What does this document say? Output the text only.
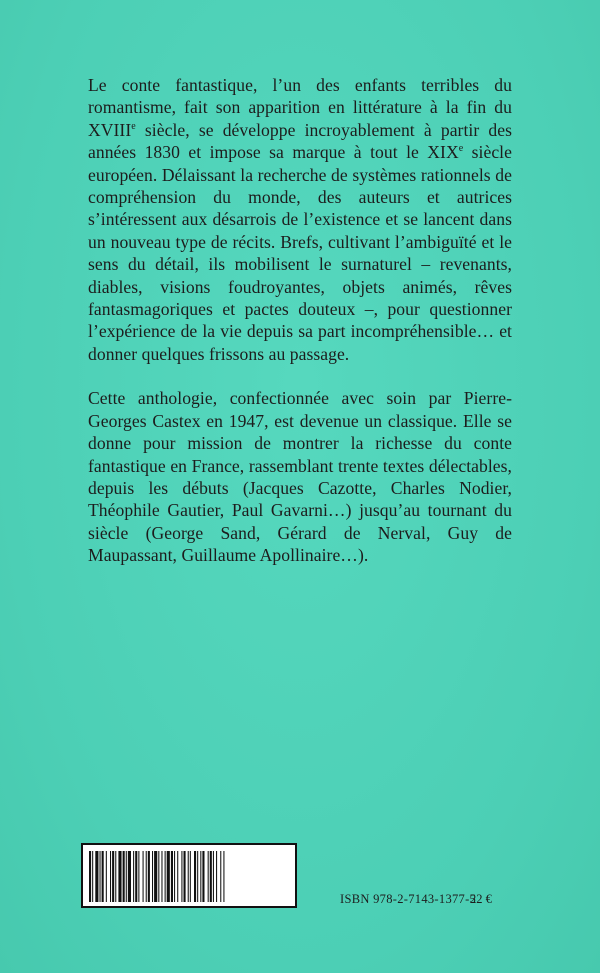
Le conte fantastique, l’un des enfants terribles du romantisme, fait son apparition en littérature à la fin du XVIIIe siècle, se développe incroyablement à partir des années 1830 et impose sa marque à tout le XIXe siècle européen. Délaissant la recherche de systèmes rationnels de compréhension du monde, des auteurs et autrices s’intéressent aux désarrois de l’existence et se lancent dans un nouveau type de récits. Brefs, cultivant l’ambiguïté et le sens du détail, ils mobilisent le surnaturel – revenants, diables, visions foudroyantes, objets animés, rêves fantasmagoriques et pactes douteux –, pour questionner l’expérience de la vie depuis sa part incompréhensible… et donner quelques frissons au passage.

Cette anthologie, confectionnée avec soin par Pierre-Georges Castex en 1947, est devenue un classique. Elle se donne pour mission de montrer la richesse du conte fantastique en France, rassemblant trente textes délectables, depuis les débuts (Jacques Cazotte, Charles Nodier, Théophile Gautier, Paul Gavarni…) jusqu’au tournant du siècle (George Sand, Gérard de Nerval, Guy de Maupassant, Guillaume Apollinaire…).

ISBN 978-2-7143-1377-5
22 €
